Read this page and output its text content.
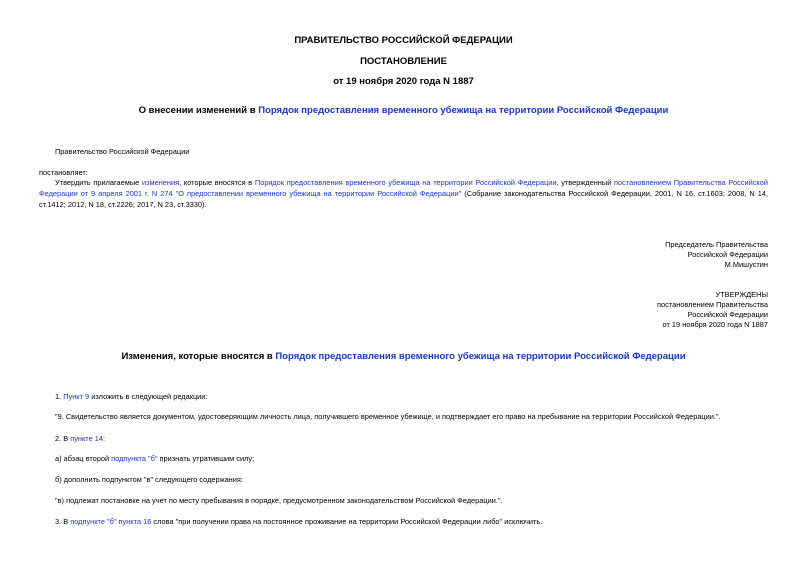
ПРАВИТЕЛЬСТВО РОССИЙСКОЙ ФЕДЕРАЦИИ
ПОСТАНОВЛЕНИЕ
от 19 ноября 2020 года N 1887
О внесении изменений в Порядок предоставления временного убежища на территории Российской Федерации
Правительство Российской Федерации
постановляет:
Утвердить прилагаемые изменения, которые вносятся в Порядок предоставления временного убежища на территории Российской Федерации, утвержденный постановлением Правительства Российской Федерации от 9 апреля 2001 г. N 274 "О предоставлении временного убежища на территории Российской Федерации" (Собрание законодательства Российской Федерации, 2001, N 16, ст.1603; 2008, N 14, ст.1412; 2012, N 18, ст.2226; 2017, N 23, ст.3330).
Председатель Правительства
Российской Федерации
М.Мишустин
УТВЕРЖДЕНЫ
постановлением Правительства
Российской Федерации
от 19 ноября 2020 года N 1887
Изменения, которые вносятся в Порядок предоставления временного убежища на территории Российской Федерации
1. Пункт 9 изложить в следующей редакции:
"9. Свидетельство является документом, удостоверяющим личность лица, получившего временное убежище, и подтверждает его право на пребывание на территории Российской Федерации.".
2. В пункте 14:
а) абзац второй подпункта "б" признать утратившим силу;
б) дополнить подпунктом "в" следующего содержания:
"в) подлежат постановке на учет по месту пребывания в порядке, предусмотренном законодательством Российской Федерации.".
3. В подпункте "б" пункта 16 слова "при получении права на постоянное проживание на территории Российской Федерации либо" исключить.
